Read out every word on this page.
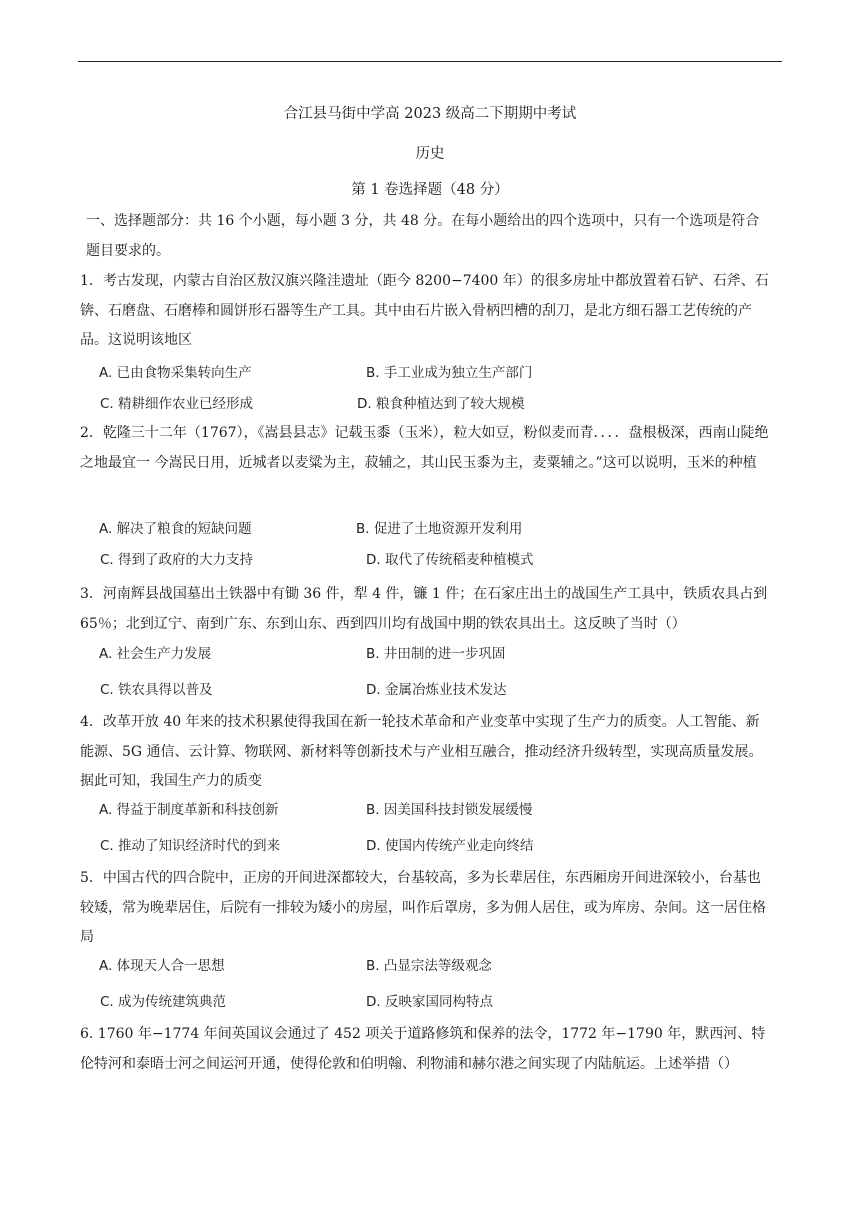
合江县马街中学高 2023 级高二下期期中考试
历史
第 1 卷选择题（48 分）

一、选择题部分：共 16 个小题，每小题 3 分，共 48 分。在每小题给出的四个选项中，只有一个选项是符合题目要求的。

1．考古发现，内蒙古自治区敖汉旗兴隆洼遗址（距今 8200−7400 年）的很多房址中都放置着石铲、石斧、石锛、石磨盘、石磨棒和圆饼形石器等生产工具。其中由石片嵌入骨柄凹槽的刮刀，是北方细石器工艺传统的产品。这说明该地区

A. 已由食物采集转向生产	B. 手工业成为独立生产部门
C. 精耕细作农业已经形成	D. 粮食种植达到了较大规模

2．乾隆三十二年（1767），《嵩县县志》记载玉黍（玉米），粒大如豆，粉似麦而青．．．．盘根极深，西南山陡绝之地最宜一 今嵩民日用，近城者以麦粱为主，菽辅之，其山民玉黍为主，麦粟辅之。”这可以说明，玉米的种植

A. 解决了粮食的短缺问题	B. 促进了土地资源开发利用
C. 得到了政府的大力支持	D. 取代了传统稻麦种植模式

3．河南辉县战国墓出土铁器中有锄 36 件，犁 4 件，镰 1 件；在石家庄出土的战国生产工具中，铁质农具占到 65％；北到辽宁、南到广东、东到山东、西到四川均有战国中期的铁农具出土。这反映了当时（）

A. 社会生产力发展	B. 井田制的进一步巩固
C. 铁农具得以普及	D. 金属冶炼业技术发达

4．改革开放 40 年来的技术积累使得我国在新一轮技术革命和产业变革中实现了生产力的质变。人工智能、新能源、5G 通信、云计算、物联网、新材料等创新技术与产业相互融合，推动经济升级转型，实现高质量发展。据此可知，我国生产力的质变

A. 得益于制度革新和科技创新	B. 因美国科技封锁发展缓慢
C. 推动了知识经济时代的到来	D. 使国内传统产业走向终结

5．中国古代的四合院中，正房的开间进深都较大，台基较高，多为长辈居住，东西厢房开间进深较小，台基也较矮，常为晚辈居住，后院有一排较为矮小的房屋，叫作后罩房，多为佣人居住，或为库房、杂间。这一居住格局

A. 体现天人合一思想	B. 凸显宗法等级观念
C. 成为传统建筑典范	D. 反映家国同构特点

6. 1760 年−1774 年间英国议会通过了 452 项关于道路修筑和保养的法令，1772 年−1790 年，默西河、特伦特河和泰晤士河之间运河开通，使得伦敦和伯明翰、利物浦和赫尔港之间实现了内陆航运。上述举措（）
